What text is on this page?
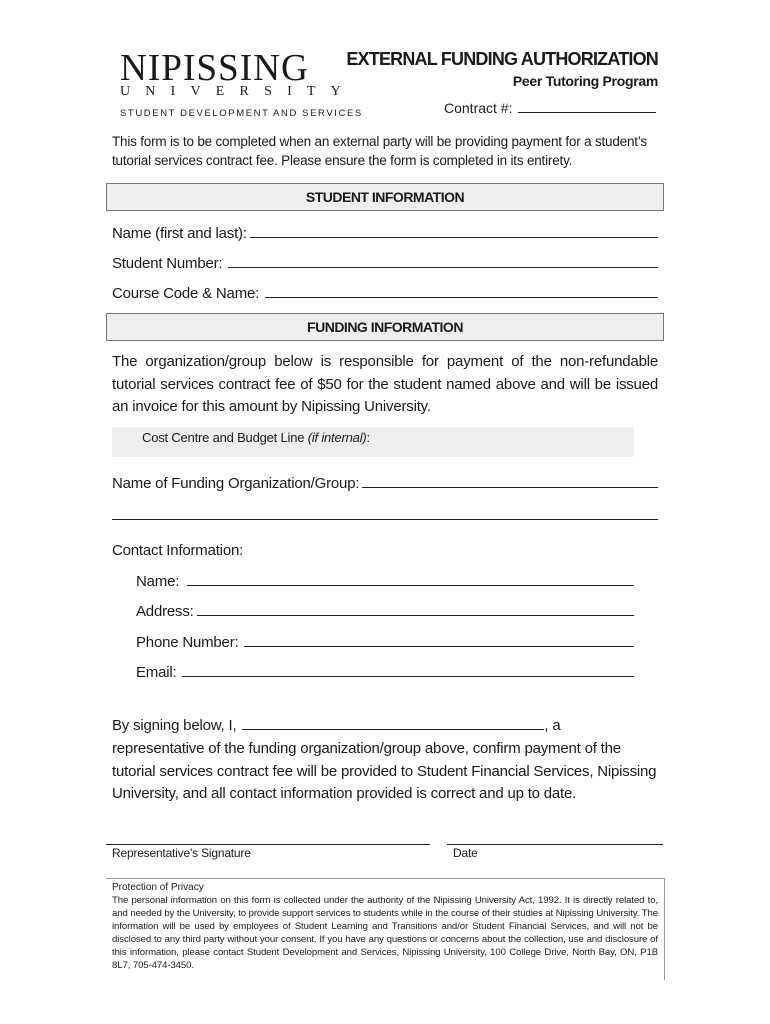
NIPISSING
UNIVERSITY
STUDENT DEVELOPMENT AND SERVICES
EXTERNAL FUNDING AUTHORIZATION
Peer Tutoring Program
Contract #:
This form is to be completed when an external party will be providing payment for a student’s tutorial services contract fee. Please ensure the form is completed in its entirety.
STUDENT INFORMATION
Name (first and last):
Student Number:
Course Code & Name:
FUNDING INFORMATION
The organization/group below is responsible for payment of the non-refundable tutorial services contract fee of $50 for the student named above and will be issued an invoice for this amount by Nipissing University.
Cost Centre and Budget Line (if internal):
Name of Funding Organization/Group:
Contact Information:
Name:
Address:
Phone Number:
Email:
By signing below, I,	, a
representative of the funding organization/group above, confirm payment of the tutorial services contract fee will be provided to Student Financial Services, Nipissing University, and all contact information provided is correct and up to date.
Representative’s Signature	Date
Protection of Privacy
The personal information on this form is collected under the authority of the Nipissing University Act, 1992. It is directly related to, and needed by the University, to provide support services to students while in the course of their studies at Nipissing University. The information will be used by employees of Student Learning and Transitions and/or Student Financial Services, and will not be disclosed to any third party without your consent. If you have any questions or concerns about the collection, use and disclosure of this information, please contact Student Development and Services, Nipissing University, 100 College Drive, North Bay, ON, P1B 8L7, 705-474-3450.
